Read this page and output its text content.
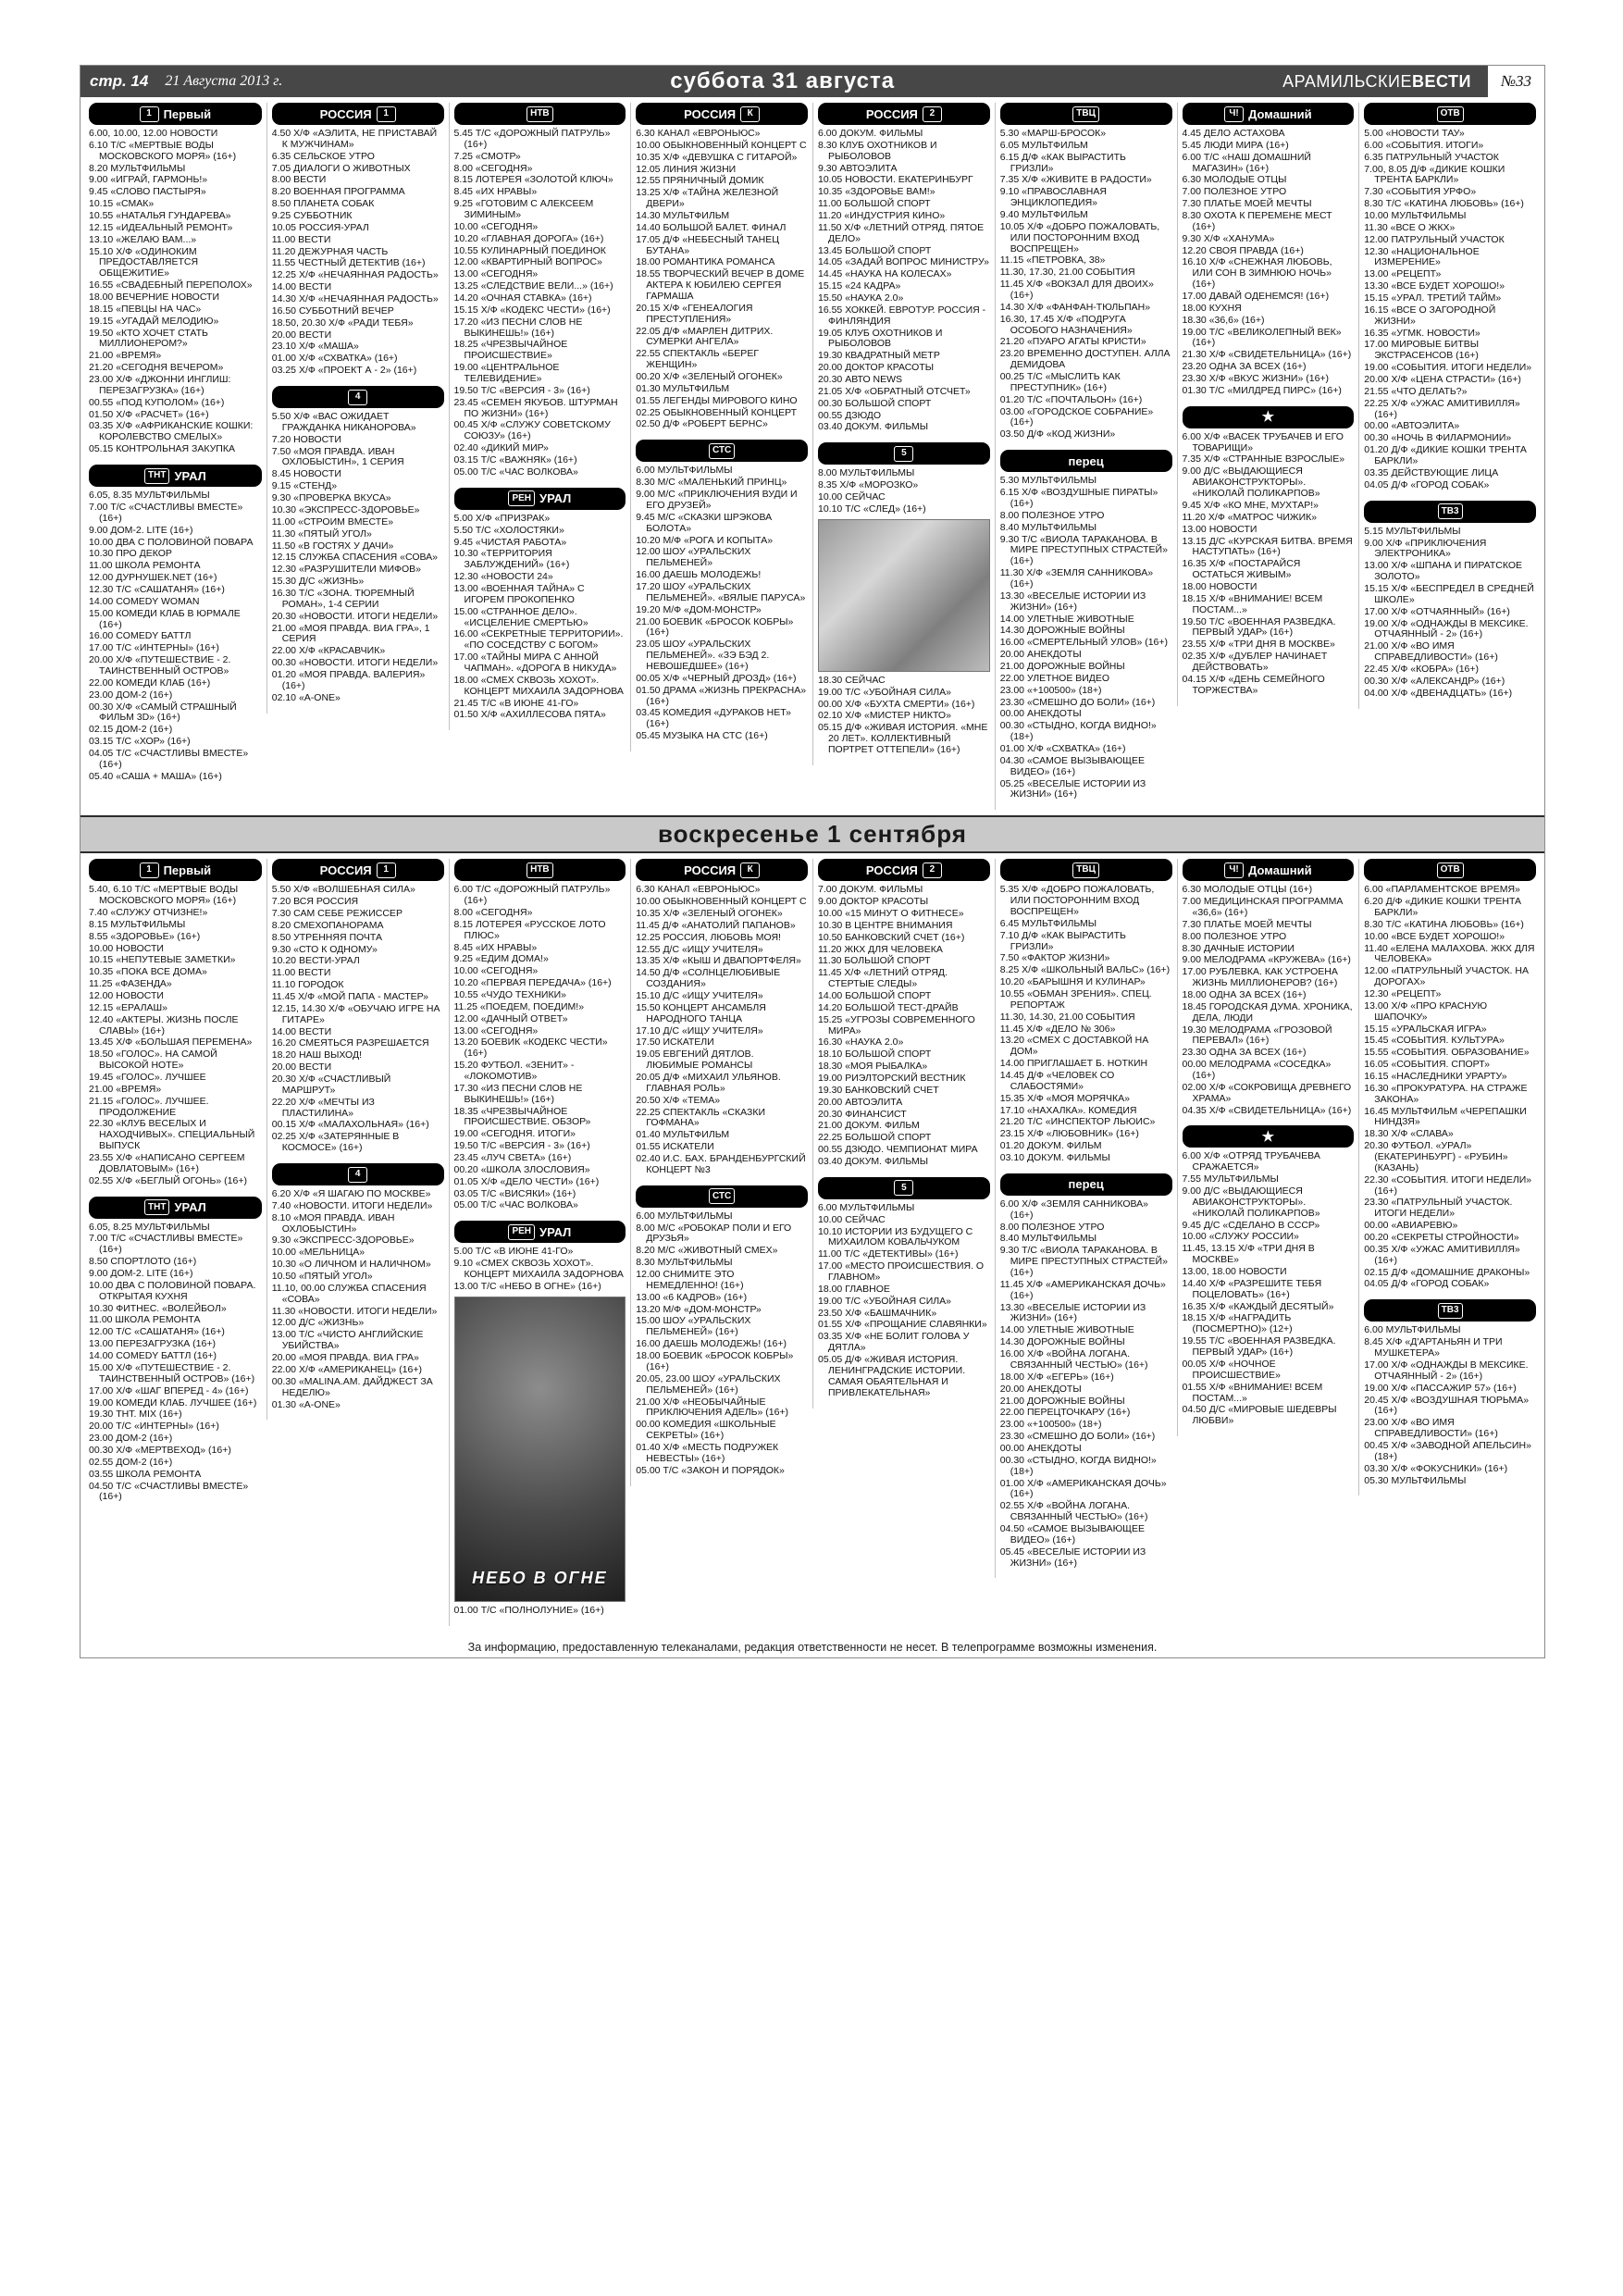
стр. 14 21 Августа 2013 г.	суббота 31 августа	АРАМИЛЬСКИЕВЕСТИ	№33
1 Первый
6.00, 10.00, 12.00 НОВОСТИ
6.10 Т/С «МЕРТВЫЕ ВОДЫ МОСКОВСКОГО МОРЯ» (16+)
8.20 МУЛЬТФИЛЬМЫ
9.00 «ИГРАЙ, ГАРМОНЬ!»
9.45 «СЛОВО ПАСТЫРЯ»
10.15 «СМАК»
10.55 «НАТАЛЬЯ ГУНДАРЕВА»
12.15 «ИДЕАЛЬНЫЙ РЕМОНТ»
13.10 «ЖЕЛАЮ ВАМ...»
15.10 Х/Ф «ОДИНОКИМ ПРЕДОСТАВЛЯЕТСЯ ОБЩЕЖИТИЕ»
16.55 «СВАДЕБНЫЙ ПЕРЕПОЛОХ»
18.00 ВЕЧЕРНИЕ НОВОСТИ
18.15 «ПЕВЦЫ НА ЧАС»
19.15 «УГАДАЙ МЕЛОДИЮ»
19.50 «КТО ХОЧЕТ СТАТЬ МИЛЛИОНЕРОМ?»
21.00 «ВРЕМЯ»
21.20 «СЕГОДНЯ ВЕЧЕРОМ»
23.00 Х/Ф «ДЖОННИ ИНГЛИШ: ПЕРЕЗАГРУЗКА» (16+)
00.55 «ПОД КУПОЛОМ» (16+)
01.50 Х/Ф «РАСЧЕТ» (16+)
03.35 Х/Ф «АФРИКАНСКИЕ КОШКИ: КОРОЛЕВСТВО СМЕЛЫХ»
05.15 КОНТРОЛЬНАЯ ЗАКУПКА
ТНТ УРАЛ
6.05, 8.35 МУЛЬТФИЛЬМЫ
7.00 Т/С «СЧАСТЛИВЫ ВМЕСТЕ» (16+)
9.00 ДОМ-2. LITE (16+)
10.00 ДВА С ПОЛОВИНОЙ ПОВАРА
10.30 ПРО ДЕКОР
11.00 ШКОЛА РЕМОНТА
12.00 ДУРНУШЕК.NET (16+)
12.30 Т/С «САШАТАНЯ» (16+)
14.00 COMEDY WOMAN
15.00 КОМЕДИ КЛАБ В ЮРМАЛЕ (16+)
16.00 COMEDY БАТТЛ
17.00 Т/С «ИНТЕРНЫ» (16+)
20.00 Х/Ф «ПУТЕШЕСТВИЕ - 2. ТАИНСТВЕННЫЙ ОСТРОВ»
22.00 КОМЕДИ КЛАБ (16+)
23.00 ДОМ-2 (16+)
00.30 Х/Ф «САМЫЙ СТРАШНЫЙ ФИЛЬМ 3D» (16+)
02.15 ДОМ-2 (16+)
03.15 Т/С «ХОР» (16+)
04.05 Т/С «СЧАСТЛИВЫ ВМЕСТЕ» (16+)
05.40 «САША + МАША» (16+)
РОССИЯ	1
4.50 Х/Ф «АЭЛИТА, НЕ ПРИСТАВАЙ К МУЖЧИНАМ»
6.35 СЕЛЬСКОЕ УТРО
7.05 ДИАЛОГИ О ЖИВОТНЫХ
8.00 ВЕСТИ
8.20 ВОЕННАЯ ПРОГРАММА
8.50 ПЛАНЕТА СОБАК
9.25 СУББОТНИК
10.05 РОССИЯ-УРАЛ
11.00 ВЕСТИ
11.20 ДЕЖУРНАЯ ЧАСТЬ
11.55 ЧЕСТНЫЙ ДЕТЕКТИВ (16+)
12.25 Х/Ф «НЕЧАЯННАЯ РАДОСТЬ»
14.00 ВЕСТИ
14.30 Х/Ф «НЕЧАЯННАЯ РАДОСТЬ»
16.50 СУББОТНИЙ ВЕЧЕР
18.50, 20.30 Х/Ф «РАДИ ТЕБЯ»
20.00 ВЕСТИ
23.10 Х/Ф «МАША»
01.00 Х/Ф «СХВАТКА» (16+)
03.25 Х/Ф «ПРОЕКТ А - 2» (16+)
4
5.50 Х/Ф «ВАС ОЖИДАЕТ ГРАЖДАНКА НИКАНОРОВА»
7.20 НОВОСТИ
7.50 «МОЯ ПРАВДА. ИВАН ОХЛОБЫСТИН», 1 СЕРИЯ
8.45 НОВОСТИ
9.15 «СТЕНД»
9.30 «ПРОВЕРКА ВКУСА»
10.30 «ЭКСПРЕСС-ЗДОРОВЬЕ»
11.00 «СТРОИМ ВМЕСТЕ»
11.30 «ПЯТЫЙ УГОЛ»
11.50 «В ГОСТЯХ У ДАЧИ»
12.15 СЛУЖБА СПАСЕНИЯ «СОВА»
12.30 «РАЗРУШИТЕЛИ МИФОВ»
15.30 Д/С «ЖИЗНЬ»
16.30 Т/С «ЗОНА. ТЮРЕМНЫЙ РОМАН», 1-4 СЕРИИ
20.30 «НОВОСТИ. ИТОГИ НЕДЕЛИ»
21.00 «МОЯ ПРАВДА. ВИА ГРА», 1 СЕРИЯ
22.00 Х/Ф «КРАСАВЧИК»
00.30 «НОВОСТИ. ИТОГИ НЕДЕЛИ»
01.20 «МОЯ ПРАВДА. ВАЛЕРИЯ» (16+)
02.10 «A-ONE»
НТВ
5.45 Т/С «ДОРОЖНЫЙ ПАТРУЛЬ» (16+)
7.25 «СМОТР»
8.00 «СЕГОДНЯ»
8.15 ЛОТЕРЕЯ «ЗОЛОТОЙ КЛЮЧ»
8.45 «ИХ НРАВЫ»
9.25 «ГОТОВИМ С АЛЕКСЕЕМ ЗИМИНЫМ»
10.00 «СЕГОДНЯ»
10.20 «ГЛАВНАЯ ДОРОГА» (16+)
10.55 КУЛИНАРНЫЙ ПОЕДИНОК
12.00 «КВАРТИРНЫЙ ВОПРОС»
13.00 «СЕГОДНЯ»
13.25 «СЛЕДСТВИЕ ВЕЛИ...» (16+)
14.20 «ОЧНАЯ СТАВКА» (16+)
15.15 Х/Ф «КОДЕКС ЧЕСТИ» (16+)
17.20 «ИЗ ПЕСНИ СЛОВ НЕ ВЫКИНЕШЬ!» (16+)
18.25 «ЧРЕЗВЫЧАЙНОЕ ПРОИСШЕСТВИЕ»
19.00 «ЦЕНТРАЛЬНОЕ ТЕЛЕВИДЕНИЕ»
19.50 Т/С «ВЕРСИЯ - 3» (16+)
23.45 «СЕМЕН ЯКУБОВ. ШТУРМАН ПО ЖИЗНИ» (16+)
00.45 Х/Ф «СЛУЖУ СОВЕТСКОМУ СОЮЗУ» (16+)
02.40 «ДИКИЙ МИР»
03.15 Т/С «ВАЖНЯК» (16+)
05.00 Т/С «ЧАС ВОЛКОВА»
РЕН УРАЛ
5.00 Х/Ф «ПРИЗРАК»
5.50 Т/С «ХОЛОСТЯКИ»
9.45 «ЧИСТАЯ РАБОТА»
10.30 «ТЕРРИТОРИЯ ЗАБЛУЖДЕНИЙ» (16+)
12.30 «НОВОСТИ 24»
13.00 «ВОЕННАЯ ТАЙНА» С ИГОРЕМ ПРОКОПЕНКО
15.00 «СТРАННОЕ ДЕЛО». «ИСЦЕЛЕНИЕ СМЕРТЬЮ»
16.00 «СЕКРЕТНЫЕ ТЕРРИТОРИИ». «ПО СОСЕДСТВУ С БОГОМ»
17.00 «ТАЙНЫ МИРА С АННОЙ ЧАПМАН». «ДОРОГА В НИКУДА»
18.00 «СМЕХ СКВОЗЬ ХОХОТ». КОНЦЕРТ МИХАИЛА ЗАДОРНОВА
21.45 Т/С «В ИЮНЕ 41-ГО»
01.50 Х/Ф «АХИЛЛЕСОВА ПЯТА»
РОССИЯ	К
6.30 КАНАЛ «ЕВРОНЬЮС»
10.00 ОБЫКНОВЕННЫЙ КОНЦЕРТ С
10.35 Х/Ф «ДЕВУШКА С ГИТАРОЙ»
12.05 ЛИНИЯ ЖИЗНИ
12.55 ПРЯНИЧНЫЙ ДОМИК
13.25 Х/Ф «ТАЙНА ЖЕЛЕЗНОЙ ДВЕРИ»
14.30 МУЛЬТФИЛЬМ
14.40 БОЛЬШОЙ БАЛЕТ. ФИНАЛ
17.05 Д/Ф «НЕБЕСНЫЙ ТАНЕЦ БУТАНА»
18.00 РОМАНТИКА РОМАНСА
18.55 ТВОРЧЕСКИЙ ВЕЧЕР В ДОМЕ АКТЕРА К ЮБИЛЕЮ СЕРГЕЯ ГАРМАША
20.15 Х/Ф «ГЕНЕАЛОГИЯ ПРЕСТУПЛЕНИЯ»
22.05 Д/Ф «МАРЛЕН ДИТРИХ. СУМЕРКИ АНГЕЛА»
22.55 СПЕКТАКЛЬ «БЕРЕГ ЖЕНЩИН»
00.20 Х/Ф «ЗЕЛЕНЫЙ ОГОНЕК»
01.30 МУЛЬТФИЛЬМ
01.55 ЛЕГЕНДЫ МИРОВОГО КИНО
02.25 ОБЫКНОВЕННЫЙ КОНЦЕРТ
02.50 Д/Ф «РОБЕРТ БЕРНС»
СТС
6.00 МУЛЬТФИЛЬМЫ
8.30 М/С «МАЛЕНЬКИЙ ПРИНЦ»
9.00 М/С «ПРИКЛЮЧЕНИЯ ВУДИ И ЕГО ДРУЗЕЙ»
9.45 М/С «СКАЗКИ ШРЭКОВА БОЛОТА»
10.20 М/Ф «РОГА И КОПЫТА»
12.00 ШОУ «УРАЛЬСКИХ ПЕЛЬМЕНЕЙ»
16.00 ДАЕШЬ МОЛОДЕЖЬ!
17.20 ШОУ «УРАЛЬСКИХ ПЕЛЬМЕНЕЙ». «ВЯЛЫЕ ПАРУСА»
19.20 М/Ф «ДОМ-МОНСТР»
21.00 БОЕВИК «БРОСОК КОБРЫ» (16+)
23.05 ШОУ «УРАЛЬСКИХ ПЕЛЬМЕНЕЙ». «ЗЭ БЭД 2. НЕВОШЕДШЕЕ» (16+)
00.05 Х/Ф «ЧЕРНЫЙ ДРОЗД» (16+)
01.50 ДРАМА «ЖИЗНЬ ПРЕКРАСНА» (16+)
03.45 КОМЕДИЯ «ДУРАКОВ НЕТ» (16+)
05.45 МУЗЫКА НА СТС (16+)
РОССИЯ	2
6.00 ДОКУМ. ФИЛЬМЫ
8.30 КЛУБ ОХОТНИКОВ И РЫБОЛОВОВ
9.30 АВТОЭЛИТА
10.05 НОВОСТИ. ЕКАТЕРИНБУРГ
10.35 «ЗДОРОВЬЕ ВАМ!»
11.00 БОЛЬШОЙ СПОРТ
11.20 «ИНДУСТРИЯ КИНО»
11.50 Х/Ф «ЛЕТНИЙ ОТРЯД. ПЯТОЕ ДЕЛО»
13.45 БОЛЬШОЙ СПОРТ
14.05 «ЗАДАЙ ВОПРОС МИНИСТРУ»
14.45 «НАУКА НА КОЛЕСАХ»
15.15 «24 КАДРА»
15.50 «НАУКА 2.0»
16.55 ХОККЕЙ. ЕВРОТУР. РОССИЯ - ФИНЛЯНДИЯ
19.05 КЛУБ ОХОТНИКОВ И РЫБОЛОВОВ
19.30 КВАДРАТНЫЙ МЕТР
20.00 ДОКТОР КРАСОТЫ
20.30 АВТО NEWS
21.05 Х/Ф «ОБРАТНЫЙ ОТСЧЕТ»
00.30 БОЛЬШОЙ СПОРТ
00.55 ДЗЮДО
03.40 ДОКУМ. ФИЛЬМЫ
5
8.00 МУЛЬТФИЛЬМЫ
8.35 Х/Ф «МОРОЗКО»
10.00 СЕЙЧАС
10.10 Т/С «СЛЕД» (16+)
18.30 СЕЙЧАС
19.00 Т/С «УБОЙНАЯ СИЛА»
00.00 Х/Ф «БУХТА СМЕРТИ» (16+)
02.10 Х/Ф «МИСТЕР НИКТО»
05.15 Д/Ф «ЖИВАЯ ИСТОРИЯ. «МНЕ 20 ЛЕТ». КОЛЛЕКТИВНЫЙ ПОРТРЕТ ОТТЕПЕЛИ» (16+)
ТВЦ
5.30 «МАРШ-БРОСОК»
6.05 МУЛЬТФИЛЬМ
6.15 Д/Ф «КАК ВЫРАСТИТЬ ГРИЗЛИ»
7.35 Х/Ф «ЖИВИТЕ В РАДОСТИ»
9.10 «ПРАВОСЛАВНАЯ ЭНЦИКЛОПЕДИЯ»
9.40 МУЛЬТФИЛЬМ
10.05 Х/Ф «ДОБРО ПОЖАЛОВАТЬ, ИЛИ ПОСТОРОННИМ ВХОД ВОСПРЕЩЕН»
11.15 «ПЕТРОВКА, 38»
11.30, 17.30, 21.00 СОБЫТИЯ
11.45 Х/Ф «ВОКЗАЛ ДЛЯ ДВОИХ» (16+)
14.30 Х/Ф «ФАНФАН-ТЮЛЬПАН»
16.30, 17.45 Х/Ф «ПОДРУГА ОСОБОГО НАЗНАЧЕНИЯ»
21.20 «ПУАРО АГАТЫ КРИСТИ»
23.20 ВРЕМЕННО ДОСТУПЕН. АЛЛА ДЕМИДОВА
00.25 Т/С «МЫСЛИТЬ КАК ПРЕСТУПНИК» (16+)
01.20 Т/С «ПОЧТАЛЬОН» (16+)
03.00 «ГОРОДСКОЕ СОБРАНИЕ» (16+)
03.50 Д/Ф «КОД ЖИЗНИ»
перец
5.30 МУЛЬТФИЛЬМЫ
6.15 Х/Ф «ВОЗДУШНЫЕ ПИРАТЫ» (16+)
8.00 ПОЛЕЗНОЕ УТРО
8.40 МУЛЬТФИЛЬМЫ
9.30 Т/С «ВИОЛА ТАРАКАНОВА. В МИРЕ ПРЕСТУПНЫХ СТРАСТЕЙ» (16+)
11.30 Х/Ф «ЗЕМЛЯ САННИКОВА» (16+)
13.30 «ВЕСЕЛЫЕ ИСТОРИИ ИЗ ЖИЗНИ» (16+)
14.00 УЛЕТНЫЕ ЖИВОТНЫЕ
14.30 ДОРОЖНЫЕ ВОЙНЫ
16.00 «СМЕРТЕЛЬНЫЙ УЛОВ» (16+)
20.00 АНЕКДОТЫ
21.00 ДОРОЖНЫЕ ВОЙНЫ
22.00 УЛЕТНОЕ ВИДЕО
23.00 «+100500» (18+)
23.30 «СМЕШНО ДО БОЛИ» (16+)
00.00 АНЕКДОТЫ
00.30 «СТЫДНО, КОГДА ВИДНО!» (18+)
01.00 Х/Ф «СХВАТКА» (16+)
04.30 «САМОЕ ВЫЗЫВАЮЩЕЕ ВИДЕО» (16+)
05.25 «ВЕСЕЛЫЕ ИСТОРИИ ИЗ ЖИЗНИ» (16+)
Ч! Домашний
4.45 ДЕЛО АСТАХОВА
5.45 ЛЮДИ МИРА (16+)
6.00 Т/С «НАШ ДОМАШНИЙ МАГАЗИН» (16+)
6.30 МОЛОДЫЕ ОТЦЫ
7.00 ПОЛЕЗНОЕ УТРО
7.30 ПЛАТЬЕ МОЕЙ МЕЧТЫ
8.30 ОХОТА К ПЕРЕМЕНЕ МЕСТ (16+)
9.30 Х/Ф «ХАНУМА»
12.20 СВОЯ ПРАВДА (16+)
16.10 Х/Ф «СНЕЖНАЯ ЛЮБОВЬ, ИЛИ СОН В ЗИМНЮЮ НОЧЬ» (16+)
17.00 ДАВАЙ ОДЕНЕМСЯ! (16+)
18.00 КУХНЯ
18.30 «36,6» (16+)
19.00 Т/С «ВЕЛИКОЛЕПНЫЙ ВЕК» (16+)
21.30 Х/Ф «СВИДЕТЕЛЬНИЦА» (16+)
23.20 ОДНА ЗА ВСЕХ (16+)
23.30 Х/Ф «ВКУС ЖИЗНИ» (16+)
01.30 Т/С «МИЛДРЕД ПИРС» (16+)
★
6.00 Х/Ф «ВАСЕК ТРУБАЧЕВ И ЕГО ТОВАРИЩИ»
7.35 Х/Ф «СТРАННЫЕ ВЗРОСЛЫЕ»
9.00 Д/С «ВЫДАЮЩИЕСЯ АВИАКОНСТРУКТОРЫ». «НИКОЛАЙ ПОЛИКАРПОВ»
9.45 Х/Ф «КО МНЕ, МУХТАР!»
11.20 Х/Ф «МАТРОС ЧИЖИК»
13.00 НОВОСТИ
13.15 Д/С «КУРСКАЯ БИТВА. ВРЕМЯ НАСТУПАТЬ» (16+)
16.35 Х/Ф «ПОСТАРАЙСЯ ОСТАТЬСЯ ЖИВЫМ»
18.00 НОВОСТИ
18.15 Х/Ф «ВНИМАНИЕ! ВСЕМ ПОСТАМ...»
19.50 Т/С «ВОЕННАЯ РАЗВЕДКА. ПЕРВЫЙ УДАР» (16+)
23.55 Х/Ф «ТРИ ДНЯ В МОСКВЕ»
02.35 Х/Ф «ДУБЛЕР НАЧИНАЕТ ДЕЙСТВОВАТЬ»
04.15 Х/Ф «ДЕНЬ СЕМЕЙНОГО ТОРЖЕСТВА»
ОТВ
5.00 «НОВОСТИ ТАУ»
6.00 «СОБЫТИЯ. ИТОГИ»
6.35 ПАТРУЛЬНЫЙ УЧАСТОК
7.00, 8.05 Д/Ф «ДИКИЕ КОШКИ ТРЕНТА БАРКЛИ»
7.30 «СОБЫТИЯ УРФО»
8.30 Т/С «КАТИНА ЛЮБОВЬ» (16+)
10.00 МУЛЬТФИЛЬМЫ
11.30 «ВСЕ О ЖКХ»
12.00 ПАТРУЛЬНЫЙ УЧАСТОК
12.30 «НАЦИОНАЛЬНОЕ ИЗМЕРЕНИЕ»
13.00 «РЕЦЕПТ»
13.30 «ВСЕ БУДЕТ ХОРОШО!»
15.15 «УРАЛ. ТРЕТИЙ ТАЙМ»
16.15 «ВСЕ О ЗАГОРОДНОЙ ЖИЗНИ»
16.35 «УГМК. НОВОСТИ»
17.00 МИРОВЫЕ БИТВЫ ЭКСТРАСЕНСОВ (16+)
19.00 «СОБЫТИЯ. ИТОГИ НЕДЕЛИ»
20.00 Х/Ф «ЦЕНА СТРАСТИ» (16+)
21.55 «ЧТО ДЕЛАТЬ?»
22.25 Х/Ф «УЖАС АМИТИВИЛЛЯ» (16+)
00.00 «АВТОЭЛИТА»
00.30 «НОЧЬ В ФИЛАРМОНИИ»
01.20 Д/Ф «ДИКИЕ КОШКИ ТРЕНТА БАРКЛИ»
03.35 ДЕЙСТВУЮЩИЕ ЛИЦА
04.05 Д/Ф «ГОРОД СОБАК»
ТВ3
5.15 МУЛЬТФИЛЬМЫ
9.00 Х/Ф «ПРИКЛЮЧЕНИЯ ЭЛЕКТРОНИКА»
13.00 Х/Ф «ШПАНА И ПИРАТСКОЕ ЗОЛОТО»
15.15 Х/Ф «БЕСПРЕДЕЛ В СРЕДНЕЙ ШКОЛЕ»
17.00 Х/Ф «ОТЧАЯННЫЙ» (16+)
19.00 Х/Ф «ОДНАЖДЫ В МЕКСИКЕ. ОТЧАЯННЫЙ - 2» (16+)
21.00 Х/Ф «ВО ИМЯ СПРАВЕДЛИВОСТИ» (16+)
22.45 Х/Ф «КОБРА» (16+)
00.30 Х/Ф «АЛЕКСАНДР» (16+)
04.00 Х/Ф «ДВЕНАДЦАТЬ» (16+)
воскресенье 1 сентября
1 Первый
5.40, 6.10 Т/С «МЕРТВЫЕ ВОДЫ МОСКОВСКОГО МОРЯ» (16+)
7.40 «СЛУЖУ ОТЧИЗНЕ!»
8.15 МУЛЬТФИЛЬМЫ
8.55 «ЗДОРОВЬЕ» (16+)
10.00 НОВОСТИ
10.15 «НЕПУТЕВЫЕ ЗАМЕТКИ»
10.35 «ПОКА ВСЕ ДОМА»
11.25 «ФАЗЕНДА»
12.00 НОВОСТИ
12.15 «ЕРАЛАШ»
12.40 «АКТЕРЫ. ЖИЗНЬ ПОСЛЕ СЛАВЫ» (16+)
13.45 Х/Ф «БОЛЬШАЯ ПЕРЕМЕНА»
18.50 «ГОЛОС». НА САМОЙ ВЫСОКОЙ НОТЕ»
19.45 «ГОЛОС». ЛУЧШЕЕ
21.00 «ВРЕМЯ»
21.15 «ГОЛОС». ЛУЧШЕЕ. ПРОДОЛЖЕНИЕ
22.30 «КЛУБ ВЕСЕЛЫХ И НАХОДЧИВЫХ». СПЕЦИАЛЬНЫЙ ВЫПУСК
23.55 Х/Ф «НАПИСАНО СЕРГЕЕМ ДОВЛАТОВЫМ» (16+)
02.55 Х/Ф «БЕГЛЫЙ ОГОНЬ» (16+)
ТНТ УРАЛ
6.05, 8.25 МУЛЬТФИЛЬМЫ
7.00 Т/С «СЧАСТЛИВЫ ВМЕСТЕ» (16+)
8.50 СПОРТЛОТО (16+)
9.00 ДОМ-2. LITE (16+)
10.00 ДВА С ПОЛОВИНОЙ ПОВАРА. ОТКРЫТАЯ КУХНЯ
10.30 ФИТНЕС. «ВОЛЕЙБОЛ»
11.00 ШКОЛА РЕМОНТА
12.00 Т/С «САШАТАНЯ» (16+)
13.00 ПЕРЕЗАГРУЗКА (16+)
14.00 COMEDY БАТТЛ (16+)
15.00 Х/Ф «ПУТЕШЕСТВИЕ - 2. ТАИНСТВЕННЫЙ ОСТРОВ» (16+)
17.00 Х/Ф «ШАГ ВПЕРЕД - 4» (16+)
19.00 КОМЕДИ КЛАБ. ЛУЧШЕЕ (16+)
19.30 ТНТ. MIX (16+)
20.00 Т/С «ИНТЕРНЫ» (16+)
23.00 ДОМ-2 (16+)
00.30 Х/Ф «МЕРТВЕХОД» (16+)
02.55 ДОМ-2 (16+)
03.55 ШКОЛА РЕМОНТА
04.50 Т/С «СЧАСТЛИВЫ ВМЕСТЕ» (16+)
РОССИЯ	1
5.50 Х/Ф «ВОЛШЕБНАЯ СИЛА»
7.20 ВСЯ РОССИЯ
7.30 САМ СЕБЕ РЕЖИССЕР
8.20 СМЕХОПАНОРАМА
8.50 УТРЕННЯЯ ПОЧТА
9.30 «СТО К ОДНОМУ»
10.20 ВЕСТИ-УРАЛ
11.00 ВЕСТИ
11.10 ГОРОДОК
11.45 Х/Ф «МОЙ ПАПА - МАСТЕР»
12.15, 14.30 Х/Ф «ОБУЧАЮ ИГРЕ НА ГИТАРЕ»
14.00 ВЕСТИ
16.20 СМЕЯТЬСЯ РАЗРЕШАЕТСЯ
18.20 НАШ ВЫХОД!
20.00 ВЕСТИ
20.30 Х/Ф «СЧАСТЛИВЫЙ МАРШРУТ»
22.20 Х/Ф «МЕЧТЫ ИЗ ПЛАСТИЛИНА»
00.15 Х/Ф «МАЛАХОЛЬНАЯ» (16+)
02.25 Х/Ф «ЗАТЕРЯННЫЕ В КОСМОСЕ» (16+)
4
6.20 Х/Ф «Я ШАГАЮ ПО МОСКВЕ»
7.40 «НОВОСТИ. ИТОГИ НЕДЕЛИ»
8.10 «МОЯ ПРАВДА. ИВАН ОХЛОБЫСТИН»
9.30 «ЭКСПРЕСС-ЗДОРОВЬЕ»
10.00 «МЕЛЬНИЦА»
10.30 «О ЛИЧНОМ И НАЛИЧНОМ»
10.50 «ПЯТЫЙ УГОЛ»
11.10, 00.00 СЛУЖБА СПАСЕНИЯ «СОВА»
11.30 «НОВОСТИ. ИТОГИ НЕДЕЛИ»
12.00 Д/С «ЖИЗНЬ»
13.00 Т/С «ЧИСТО АНГЛИЙСКИЕ УБИЙСТВА»
20.00 «МОЯ ПРАВДА. ВИА ГРА»
22.00 Х/Ф «АМЕРИКАНЕЦ» (16+)
00.30 «MALINA.AM. ДАЙДЖЕСТ ЗА НЕДЕЛЮ»
01.30 «A-ONE»
НТВ
6.00 Т/С «ДОРОЖНЫЙ ПАТРУЛЬ» (16+)
8.00 «СЕГОДНЯ»
8.15 ЛОТЕРЕЯ «РУССКОЕ ЛОТО ПЛЮС»
8.45 «ИХ НРАВЫ»
9.25 «ЕДИМ ДОМА!»
10.00 «СЕГОДНЯ»
10.20 «ПЕРВАЯ ПЕРЕДАЧА» (16+)
10.55 «ЧУДО ТЕХНИКИ»
11.25 «ПОЕДЕМ, ПОЕДИМ!»
12.00 «ДАЧНЫЙ ОТВЕТ»
13.00 «СЕГОДНЯ»
13.20 БОЕВИК «КОДЕКС ЧЕСТИ» (16+)
15.20 ФУТБОЛ. «ЗЕНИТ» - «ЛОКОМОТИВ»
17.30 «ИЗ ПЕСНИ СЛОВ НЕ ВЫКИНЕШЬ!» (16+)
18.35 «ЧРЕЗВЫЧАЙНОЕ ПРОИСШЕСТВИЕ. ОБЗОР»
19.00 «СЕГОДНЯ. ИТОГИ»
19.50 Т/С «ВЕРСИЯ - 3» (16+)
23.45 «ЛУЧ СВЕТА» (16+)
00.20 «ШКОЛА ЗЛОСЛОВИЯ»
01.05 Х/Ф «ДЕЛО ЧЕСТИ» (16+)
03.05 Т/С «ВИСЯКИ» (16+)
05.00 Т/С «ЧАС ВОЛКОВА»
РЕН УРАЛ
5.00 Т/С «В ИЮНЕ 41-ГО»
9.10 «СМЕХ СКВОЗЬ ХОХОТ». КОНЦЕРТ МИХАИЛА ЗАДОРНОВА
13.00 Т/С «НЕБО В ОГНЕ» (16+)
НЕБО В ОГНЕ
01.00 Т/С «ПОЛНОЛУНИЕ» (16+)
РОССИЯ	К
6.30 КАНАЛ «ЕВРОНЬЮС»
10.00 ОБЫКНОВЕННЫЙ КОНЦЕРТ С
10.35 Х/Ф «ЗЕЛЕНЫЙ ОГОНЕК»
11.45 Д/Ф «АНАТОЛИЙ ПАПАНОВ»
12.25 РОССИЯ, ЛЮБОВЬ МОЯ!
12.55 Д/С «ИЩУ УЧИТЕЛЯ»
13.35 Х/Ф «КЫШ И ДВАПОРТФЕЛЯ»
14.50 Д/Ф «СОЛНЦЕЛЮБИВЫЕ СОЗДАНИЯ»
15.10 Д/С «ИЩУ УЧИТЕЛЯ»
15.50 КОНЦЕРТ АНСАМБЛЯ НАРОДНОГО ТАНЦА
17.10 Д/С «ИЩУ УЧИТЕЛЯ»
17.50 ИСКАТЕЛИ
19.05 ЕВГЕНИЙ ДЯТЛОВ. ЛЮБИМЫЕ РОМАНСЫ
20.05 Д/Ф «МИХАИЛ УЛЬЯНОВ. ГЛАВНАЯ РОЛЬ»
20.50 Х/Ф «ТЕМА»
22.25 СПЕКТАКЛЬ «СКАЗКИ ГОФМАНА»
01.40 МУЛЬТФИЛЬМ
01.55 ИСКАТЕЛИ
02.40 И.С. БАХ. БРАНДЕНБУРГСКИЙ КОНЦЕРТ №3
СТС
6.00 МУЛЬТФИЛЬМЫ
8.00 М/С «РОБОКАР ПОЛИ И ЕГО ДРУЗЬЯ»
8.20 М/С «ЖИВОТНЫЙ СМЕХ»
8.30 МУЛЬТФИЛЬМЫ
12.00 СНИМИТЕ ЭТО НЕМЕДЛЕННО! (16+)
13.00 «6 КАДРОВ» (16+)
13.20 М/Ф «ДОМ-МОНСТР»
15.00 ШОУ «УРАЛЬСКИХ ПЕЛЬМЕНЕЙ» (16+)
16.00 ДАЕШЬ МОЛОДЕЖЬ! (16+)
18.00 БОЕВИК «БРОСОК КОБРЫ» (16+)
20.05, 23.00 ШОУ «УРАЛЬСКИХ ПЕЛЬМЕНЕЙ» (16+)
21.00 Х/Ф «НЕОБЫЧАЙНЫЕ ПРИКЛЮЧЕНИЯ АДЕЛЬ» (16+)
00.00 КОМЕДИЯ «ШКОЛЬНЫЕ СЕКРЕТЫ» (16+)
01.40 Х/Ф «МЕСТЬ ПОДРУЖЕК НЕВЕСТЫ» (16+)
05.00 Т/С «ЗАКОН И ПОРЯДОК»
РОССИЯ	2
7.00 ДОКУМ. ФИЛЬМЫ
9.00 ДОКТОР КРАСОТЫ
10.00 «15 МИНУТ О ФИТНЕСЕ»
10.30 В ЦЕНТРЕ ВНИМАНИЯ
10.50 БАНКОВСКИЙ СЧЕТ (16+)
11.20 ЖКХ ДЛЯ ЧЕЛОВЕКА
11.30 БОЛЬШОЙ СПОРТ
11.45 Х/Ф «ЛЕТНИЙ ОТРЯД. СТЕРТЫЕ СЛЕДЫ»
14.00 БОЛЬШОЙ СПОРТ
14.20 БОЛЬШОЙ ТЕСТ-ДРАЙВ
15.25 «УГРОЗЫ СОВРЕМЕННОГО МИРА»
16.30 «НАУКА 2.0»
18.10 БОЛЬШОЙ СПОРТ
18.30 «МОЯ РЫБАЛКА»
19.00 РИЭЛТОРСКИЙ ВЕСТНИК
19.30 БАНКОВСКИЙ СЧЕТ
20.00 АВТОЭЛИТА
20.30 ФИНАНСИСТ
21.00 ДОКУМ. ФИЛЬМ
22.25 БОЛЬШОЙ СПОРТ
00.55 ДЗЮДО. ЧЕМПИОНАТ МИРА
03.40 ДОКУМ. ФИЛЬМЫ
5
6.00 МУЛЬТФИЛЬМЫ
10.00 СЕЙЧАС
10.10 ИСТОРИИ ИЗ БУДУЩЕГО С МИХАИЛОМ КОВАЛЬЧУКОМ
11.00 Т/С «ДЕТЕКТИВЫ» (16+)
17.00 «МЕСТО ПРОИСШЕСТВИЯ. О ГЛАВНОМ»
18.00 ГЛАВНОЕ
19.00 Т/С «УБОЙНАЯ СИЛА»
23.50 Х/Ф «БАШМАЧНИК»
01.55 Х/Ф «ПРОЩАНИЕ СЛАВЯНКИ»
03.35 Х/Ф «НЕ БОЛИТ ГОЛОВА У ДЯТЛА»
05.05 Д/Ф «ЖИВАЯ ИСТОРИЯ. ЛЕНИНГРАДСКИЕ ИСТОРИИ. САМАЯ ОБАЯТЕЛЬНАЯ И ПРИВЛЕКАТЕЛЬНАЯ»
ТВЦ
5.35 Х/Ф «ДОБРО ПОЖАЛОВАТЬ, ИЛИ ПОСТОРОННИМ ВХОД ВОСПРЕЩЕН»
6.45 МУЛЬТФИЛЬМЫ
7.10 Д/Ф «КАК ВЫРАСТИТЬ ГРИЗЛИ»
7.50 «ФАКТОР ЖИЗНИ»
8.25 Х/Ф «ШКОЛЬНЫЙ ВАЛЬС» (16+)
10.20 «БАРЫШНЯ И КУЛИНАР»
10.55 «ОБМАН ЗРЕНИЯ». СПЕЦ. РЕПОРТАЖ
11.30, 14.30, 21.00 СОБЫТИЯ
11.45 Х/Ф «ДЕЛО № 306»
13.20 «СМЕХ С ДОСТАВКОЙ НА ДОМ»
14.00 ПРИГЛАШАЕТ Б. НОТКИН
14.45 Д/Ф «ЧЕЛОВЕК СО СЛАБОСТЯМИ»
15.35 Х/Ф «МОЯ МОРЯЧКА»
17.10 «НАХАЛКА». КОМЕДИЯ
21.20 Т/С «ИНСПЕКТОР ЛЬЮИС»
23.15 Х/Ф «ЛЮБОВНИК» (16+)
01.20 ДОКУМ. ФИЛЬМ
03.10 ДОКУМ. ФИЛЬМЫ
перец
6.00 Х/Ф «ЗЕМЛЯ САННИКОВА» (16+)
8.00 ПОЛЕЗНОЕ УТРО
8.40 МУЛЬТФИЛЬМЫ
9.30 Т/С «ВИОЛА ТАРАКАНОВА. В МИРЕ ПРЕСТУПНЫХ СТРАСТЕЙ» (16+)
11.45 Х/Ф «АМЕРИКАНСКАЯ ДОЧЬ» (16+)
13.30 «ВЕСЕЛЫЕ ИСТОРИИ ИЗ ЖИЗНИ» (16+)
14.00 УЛЕТНЫЕ ЖИВОТНЫЕ
14.30 ДОРОЖНЫЕ ВОЙНЫ
16.00 Х/Ф «ВОЙНА ЛОГАНА. СВЯЗАННЫЙ ЧЕСТЬЮ» (16+)
18.00 Х/Ф «ЕГЕРЬ» (16+)
20.00 АНЕКДОТЫ
21.00 ДОРОЖНЫЕ ВОЙНЫ
22.00 ПЕРЕЦТОЧКАРУ (16+)
23.00 «+100500» (18+)
23.30 «СМЕШНО ДО БОЛИ» (16+)
00.00 АНЕКДОТЫ
00.30 «СТЫДНО, КОГДА ВИДНО!» (18+)
01.00 Х/Ф «АМЕРИКАНСКАЯ ДОЧЬ» (16+)
02.55 Х/Ф «ВОЙНА ЛОГАНА. СВЯЗАННЫЙ ЧЕСТЬЮ» (16+)
04.50 «САМОЕ ВЫЗЫВАЮЩЕЕ ВИДЕО» (16+)
05.45 «ВЕСЕЛЫЕ ИСТОРИИ ИЗ ЖИЗНИ» (16+)
Ч! Домашний
6.30 МОЛОДЫЕ ОТЦЫ (16+)
7.00 МЕДИЦИНСКАЯ ПРОГРАММА «36,6» (16+)
7.30 ПЛАТЬЕ МОЕЙ МЕЧТЫ
8.00 ПОЛЕЗНОЕ УТРО
8.30 ДАЧНЫЕ ИСТОРИИ
9.00 МЕЛОДРАМА «КРУЖЕВА» (16+)
17.00 РУБЛЕВКА. КАК УСТРОЕНА ЖИЗНЬ МИЛЛИОНЕРОВ? (16+)
18.00 ОДНА ЗА ВСЕХ (16+)
18.45 ГОРОДСКАЯ ДУМА. ХРОНИКА, ДЕЛА, ЛЮДИ
19.30 МЕЛОДРАМА «ГРОЗОВОЙ ПЕРЕВАЛ» (16+)
23.30 ОДНА ЗА ВСЕХ (16+)
00.00 МЕЛОДРАМА «СОСЕДКА» (16+)
02.00 Х/Ф «СОКРОВИЩА ДРЕВНЕГО ХРАМА»
04.35 Х/Ф «СВИДЕТЕЛЬНИЦА» (16+)
★
6.00 Х/Ф «ОТРЯД ТРУБАЧЕВА СРАЖАЕТСЯ»
7.55 МУЛЬТФИЛЬМЫ
9.00 Д/С «ВЫДАЮЩИЕСЯ АВИАКОНСТРУКТОРЫ». «НИКОЛАЙ ПОЛИКАРПОВ»
9.45 Д/С «СДЕЛАНО В СССР»
10.00 «СЛУЖУ РОССИИ»
11.45, 13.15 Х/Ф «ТРИ ДНЯ В МОСКВЕ»
13.00, 18.00 НОВОСТИ
14.40 Х/Ф «РАЗРЕШИТЕ ТЕБЯ ПОЦЕЛОВАТЬ» (16+)
16.35 Х/Ф «КАЖДЫЙ ДЕСЯТЫЙ»
18.15 Х/Ф «НАГРАДИТЬ (ПОСМЕРТНО)» (12+)
19.55 Т/С «ВОЕННАЯ РАЗВЕДКА. ПЕРВЫЙ УДАР» (16+)
00.05 Х/Ф «НОЧНОЕ ПРОИСШЕСТВИЕ»
01.55 Х/Ф «ВНИМАНИЕ! ВСЕМ ПОСТАМ...»
04.50 Д/С «МИРОВЫЕ ШЕДЕВРЫ ЛЮБВИ»
ОТВ
6.00 «ПАРЛАМЕНТСКОЕ ВРЕМЯ»
6.20 Д/Ф «ДИКИЕ КОШКИ ТРЕНТА БАРКЛИ»
8.30 Т/С «КАТИНА ЛЮБОВЬ» (16+)
10.00 «ВСЕ БУДЕТ ХОРОШО!»
11.40 «ЕЛЕНА МАЛАХОВА. ЖКХ ДЛЯ ЧЕЛОВЕКА»
12.00 «ПАТРУЛЬНЫЙ УЧАСТОК. НА ДОРОГАХ»
12.30 «РЕЦЕПТ»
13.00 Х/Ф «ПРО КРАСНУЮ ШАПОЧКУ»
15.15 «УРАЛЬСКАЯ ИГРА»
15.45 «СОБЫТИЯ. КУЛЬТУРА»
15.55 «СОБЫТИЯ. ОБРАЗОВАНИЕ»
16.05 «СОБЫТИЯ. СПОРТ»
16.15 «НАСЛЕДНИКИ УРАРТУ»
16.30 «ПРОКУРАТУРА. НА СТРАЖЕ ЗАКОНА»
16.45 МУЛЬТФИЛЬМ «ЧЕРЕПАШКИ НИНДЗЯ»
18.30 Х/Ф «СЛАВА»
20.30 ФУТБОЛ. «УРАЛ» (ЕКАТЕРИНБУРГ) - «РУБИН» (КАЗАНЬ)
22.30 «СОБЫТИЯ. ИТОГИ НЕДЕЛИ» (16+)
23.30 «ПАТРУЛЬНЫЙ УЧАСТОК. ИТОГИ НЕДЕЛИ»
00.00 «АВИАРЕВЮ»
00.20 «СЕКРЕТЫ СТРОЙНОСТИ»
00.35 Х/Ф «УЖАС АМИТИВИЛЛЯ» (16+)
02.15 Д/Ф «ДОМАШНИЕ ДРАКОНЫ»
04.05 Д/Ф «ГОРОД СОБАК»
ТВ3
6.00 МУЛЬТФИЛЬМЫ
8.45 Х/Ф «Д'АРТАНЬЯН И ТРИ МУШКЕТЕРА»
17.00 Х/Ф «ОДНАЖДЫ В МЕКСИКЕ. ОТЧАЯННЫЙ - 2» (16+)
19.00 Х/Ф «ПАССАЖИР 57» (16+)
20.45 Х/Ф «ВОЗДУШНАЯ ТЮРЬМА» (16+)
23.00 Х/Ф «ВО ИМЯ СПРАВЕДЛИВОСТИ» (16+)
00.45 Х/Ф «ЗАВОДНОЙ АПЕЛЬСИН» (18+)
03.30 Х/Ф «ФОКУСНИКИ» (16+)
05.30 МУЛЬТФИЛЬМЫ
За информацию, предоставленную телеканалами, редакция ответственности не несет. В телепрограмме возможны изменения.
